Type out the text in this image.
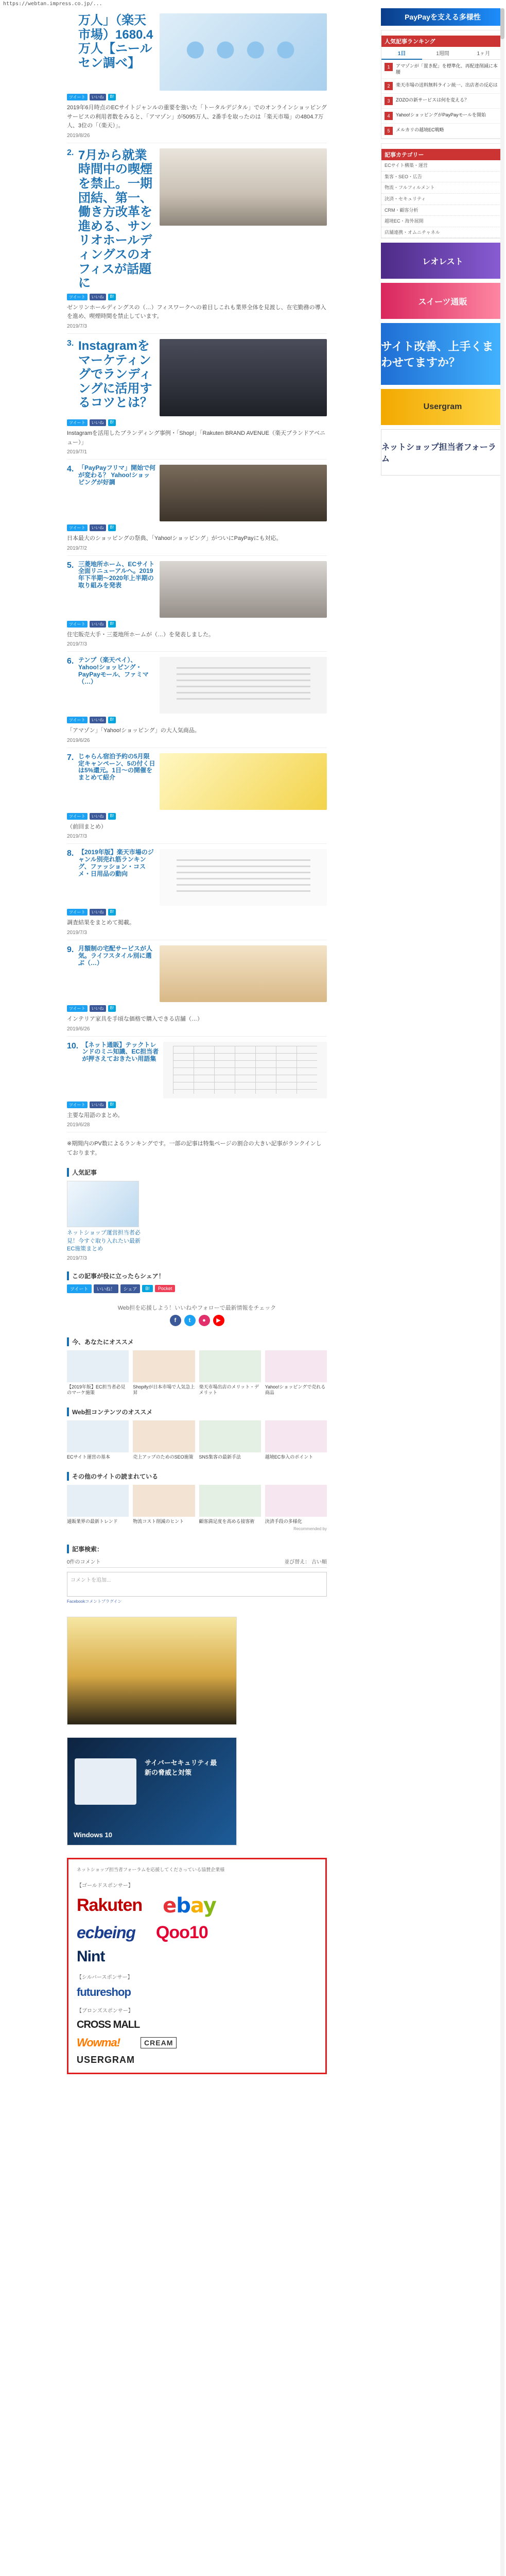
https://webtan.impress.co.jp/...
万人」（楽天市場）1680.4万人【ニールセン調べ】
ツイート	いいね	B!

2019年6月時点のECサイトジャンルの重要を強いた「トータルデジタル」でのオンラインショッピングサービスの利用者数をみると、「アマゾン」が5095万人、2番手を取ったのは「楽天市場」の4804.7万人、3位の「（楽天）」。

2019/8/26
2. 7月から就業時間中の喫煙を禁止。一期団結、第一、働き方改革を進める、サンリオホールディングスのオフィスが話題に
ツイート	いいね	B!

ゼンリンホールディングスの（…）フィスワークへの着目しこれも業界全体を見渡し、在宅勤務の導入を進め、喫煙時間を禁止しています。

2019/7/3
3. Instagramをマーケティングでランディングに活用するコツとは？
ツイート	いいね	B!

Instagramを活用したブランディング事例・「Shop!」「Rakuten BRAND AVENUE（楽天ブランドアベニュー）」

2019/7/1
4. 「PayPayフリマ」開始で何が変わる？ Yahoo!ショッピングが好調
ツイート	いいね	B!

日本最大のショッピングの祭典、「Yahoo!ショッピング」がついにPayPayにも対応。

2019/7/2
5. 三菱地所ホーム、ECサイト全面リニューアルへ。2019年下半期〜2020年上半期の取り組みを発表
ツイート	いいね	B!

住宅販売大手・三菱地所ホームが（…）を発表しました。

2019/7/3
6. テンプ（楽天ペイ）、Yahoo!ショッピング・PayPayモール、ファミマ（…）
ツイート	いいね	B!

「アマゾン」「Yahoo!ショッピング」の大人気商品。

2019/6/26
7. じゃらん宿泊予約の5月限定キャンペーン、5の付く日は5%還元。1日〜の開催をまとめて紹介
ツイート	いいね	B!

（前回まとめ）

2019/7/3
8. 【2019年版】楽天市場のジャンル別売れ筋ランキング、ファッション・コスメ・日用品の動向
ツイート	いいね	B!

調査結果をまとめて掲載。

2019/7/3
9. 月額制の宅配サービスが人気。ライフスタイル別に選ぶ（…）
ツイート	いいね	B!

インテリア家具を手頃な価格で購入できる店舗（…）

2019/6/26
10. 【ネット通販】テックトレンドのミニ知識、EC担当者が押さえておきたい用語集
ツイート	いいね	B!

主要な用語のまとめ。

2019/6/28

※期間内のPV数によるランキングです。一部の記事は特集ページの割合の大きい記事がランクインしております。

人気記事
ネットショップ運営担当者必見！今すぐ取り入れたい最新EC施策まとめ
2019/7/3
この記事が役に立ったらシェア！
ツイート	いいね！	シェア	B!	Pocket
Web担を応援しよう！いいねやフォローで最新情報をチェック
f	t	●	▶
今、あなたにオススメ
【2019年版】EC担当者必見のマーケ施策
Shopifyが日本市場で人気急上昇
楽天市場出店のメリット・デメリット
Yahoo!ショッピングで売れる商品
Web担コンテンツのオススメ
ECサイト運営の基本	売上アップのためのSEO施策	SNS集客の最新手法	越境EC参入のポイント
その他のサイトの読まれている
通販業界の最新トレンド	物流コスト削減のヒント	顧客満足度を高める接客術	決済手段の多様化
Recommended by
記事検索：
0件のコメント	並び替え： 古い順
コメントを追加...
Facebookコメントプラグイン
サイバーセキュリティ最新の脅威と対策
Windows 10
ネットショップ担当者フォーラムを応援してくださっている協賛企業様
【ゴールドスポンサー】
Rakuten ebay
ecbeing Qoo10
Nint
【シルバースポンサー】
futureshop
【ブロンズスポンサー】
CROSS MALL
Wowma!	CREAM
USERGRAM
PayPayを支える多様性
人気記事ランキング
1日	1週間	1ヶ月
1	アマゾンが「置き配」を標準化、再配達削減に本腰
2	楽天市場の送料無料ライン統一、出店者の反応は
3	ZOZOの新サービスは何を変える？
4	Yahoo!ショッピングがPayPayモールを開始
5	メルカリの越境EC戦略
記事カテゴリー
ECサイト構築・運営
集客・SEO・広告
物流・フルフィルメント
決済・セキュリティ
CRM・顧客分析
越境EC・海外展開
店舗連携・オムニチャネル
レオレスト
スイーツ通販
サイト改善、上手くまわせてますか？
Usergram
ネットショップ担当者フォーラム
